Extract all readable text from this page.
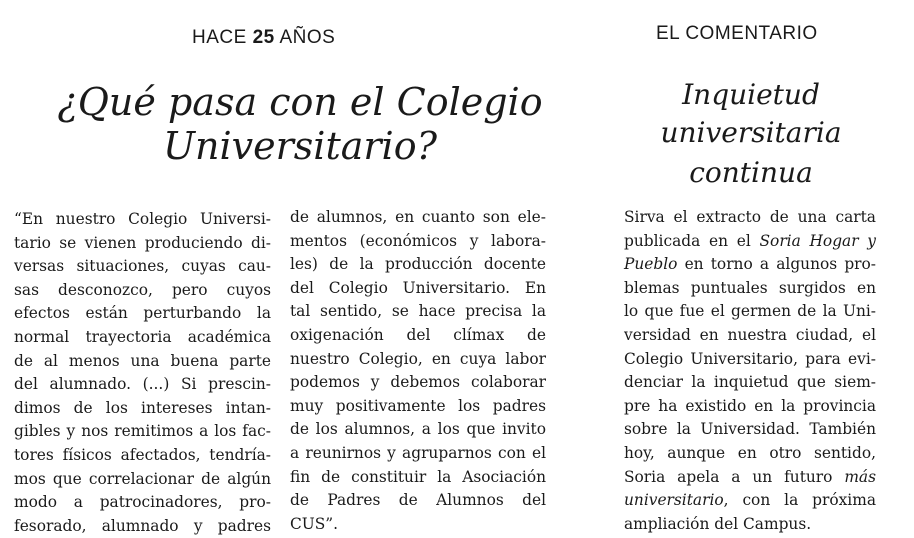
HACE 25 AÑOS	EL COMENTARIO
¿Qué pasa con el Colegio
Universitario?
Inquietud
universitaria
continua
“En nuestro Colegio Universi-
tario se vienen produciendo di-
versas situaciones, cuyas cau-
sas desconozco, pero cuyos
efectos están perturbando la
normal trayectoria académica
de al menos una buena parte
del alumnado. (...) Si prescin-
dimos de los intereses intan-
gibles y nos remitimos a los fac-
tores físicos afectados, tendría-
mos que correlacionar de algún
modo a patrocinadores, pro-
fesorado, alumnado y padres
de alumnos, en cuanto son ele-
mentos (económicos y labora-
les) de la producción docente
del Colegio Universitario. En
tal sentido, se hace precisa la
oxigenación del clímax de
nuestro Colegio, en cuya labor
podemos y debemos colaborar
muy positivamente los padres
de los alumnos, a los que invito
a reunirnos y agruparnos con el
fin de constituir la Asociación
de Padres de Alumnos del
CUS”.
Sirva el extracto de una carta
publicada en el Soria Hogar y
Pueblo en torno a algunos pro-
blemas puntuales surgidos en
lo que fue el germen de la Uni-
versidad en nuestra ciudad, el
Colegio Universitario, para evi-
denciar la inquietud que siem-
pre ha existido en la provincia
sobre la Universidad. También
hoy, aunque en otro sentido,
Soria apela a un futuro más
universitario, con la próxima
ampliación del Campus.
